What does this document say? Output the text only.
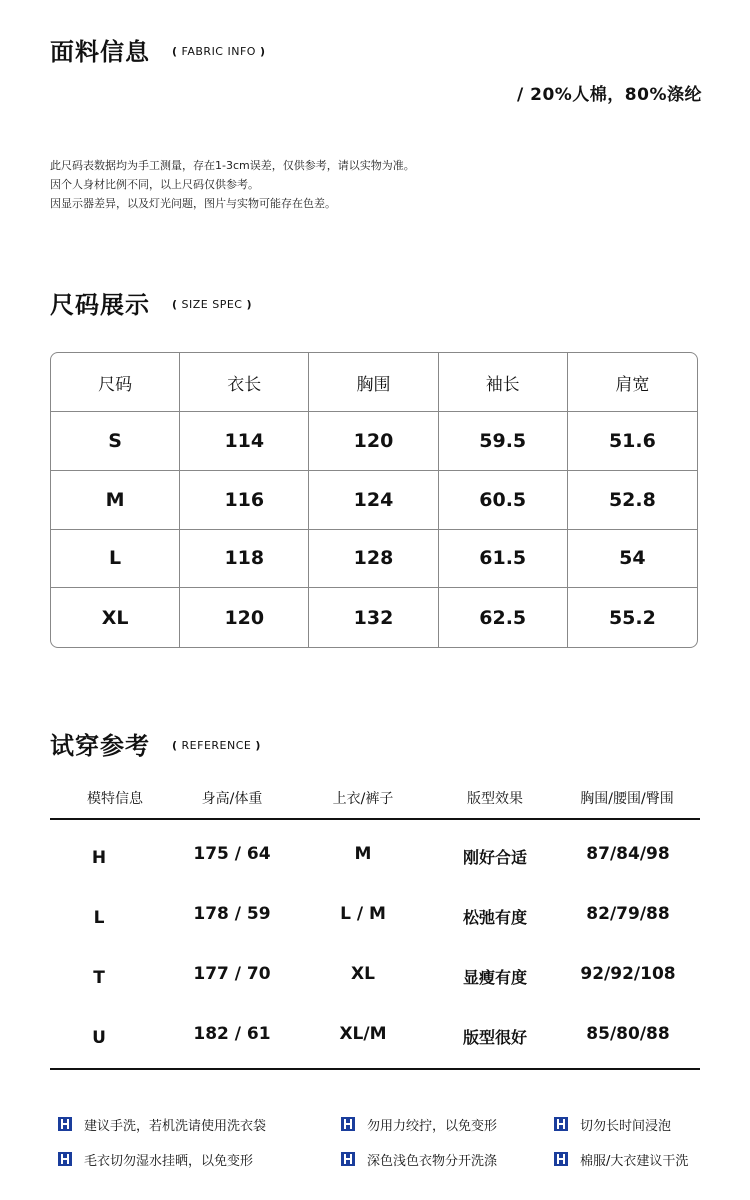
面料信息 ( FABRIC INFO )
/ 20%人棉，80%涤纶
此尺码表数据均为手工测量，存在1-3cm误差，仅供参考，请以实物为准。
因个人身材比例不同，以上尺码仅供参考。
因显示器差异，以及灯光问题，图片与实物可能存在色差。
尺码展示 ( SIZE SPEC )
尺码	衣长	胸围	袖长	肩宽
S	114	120	59.5	51.6
M	116	124	60.5	52.8
L	118	128	61.5	54
XL	120	132	62.5	55.2
试穿参考 ( REFERENCE )
模特信息	身高/体重	上衣/裤子	版型效果	胸围/腰围/臀围
H	175 / 64	M	刚好合适	87/84/98
L	178 / 59	L / M	松弛有度	82/79/88
T	177 / 70	XL	显瘦有度	92/92/108
U	182 / 61	XL/M	版型很好	85/80/88
建议手洗，若机洗请使用洗衣袋	勿用力绞拧，以免变形	切勿长时间浸泡
毛衣切勿湿水挂晒，以免变形	深色浅色衣物分开洗涤	棉服/大衣建议干洗
